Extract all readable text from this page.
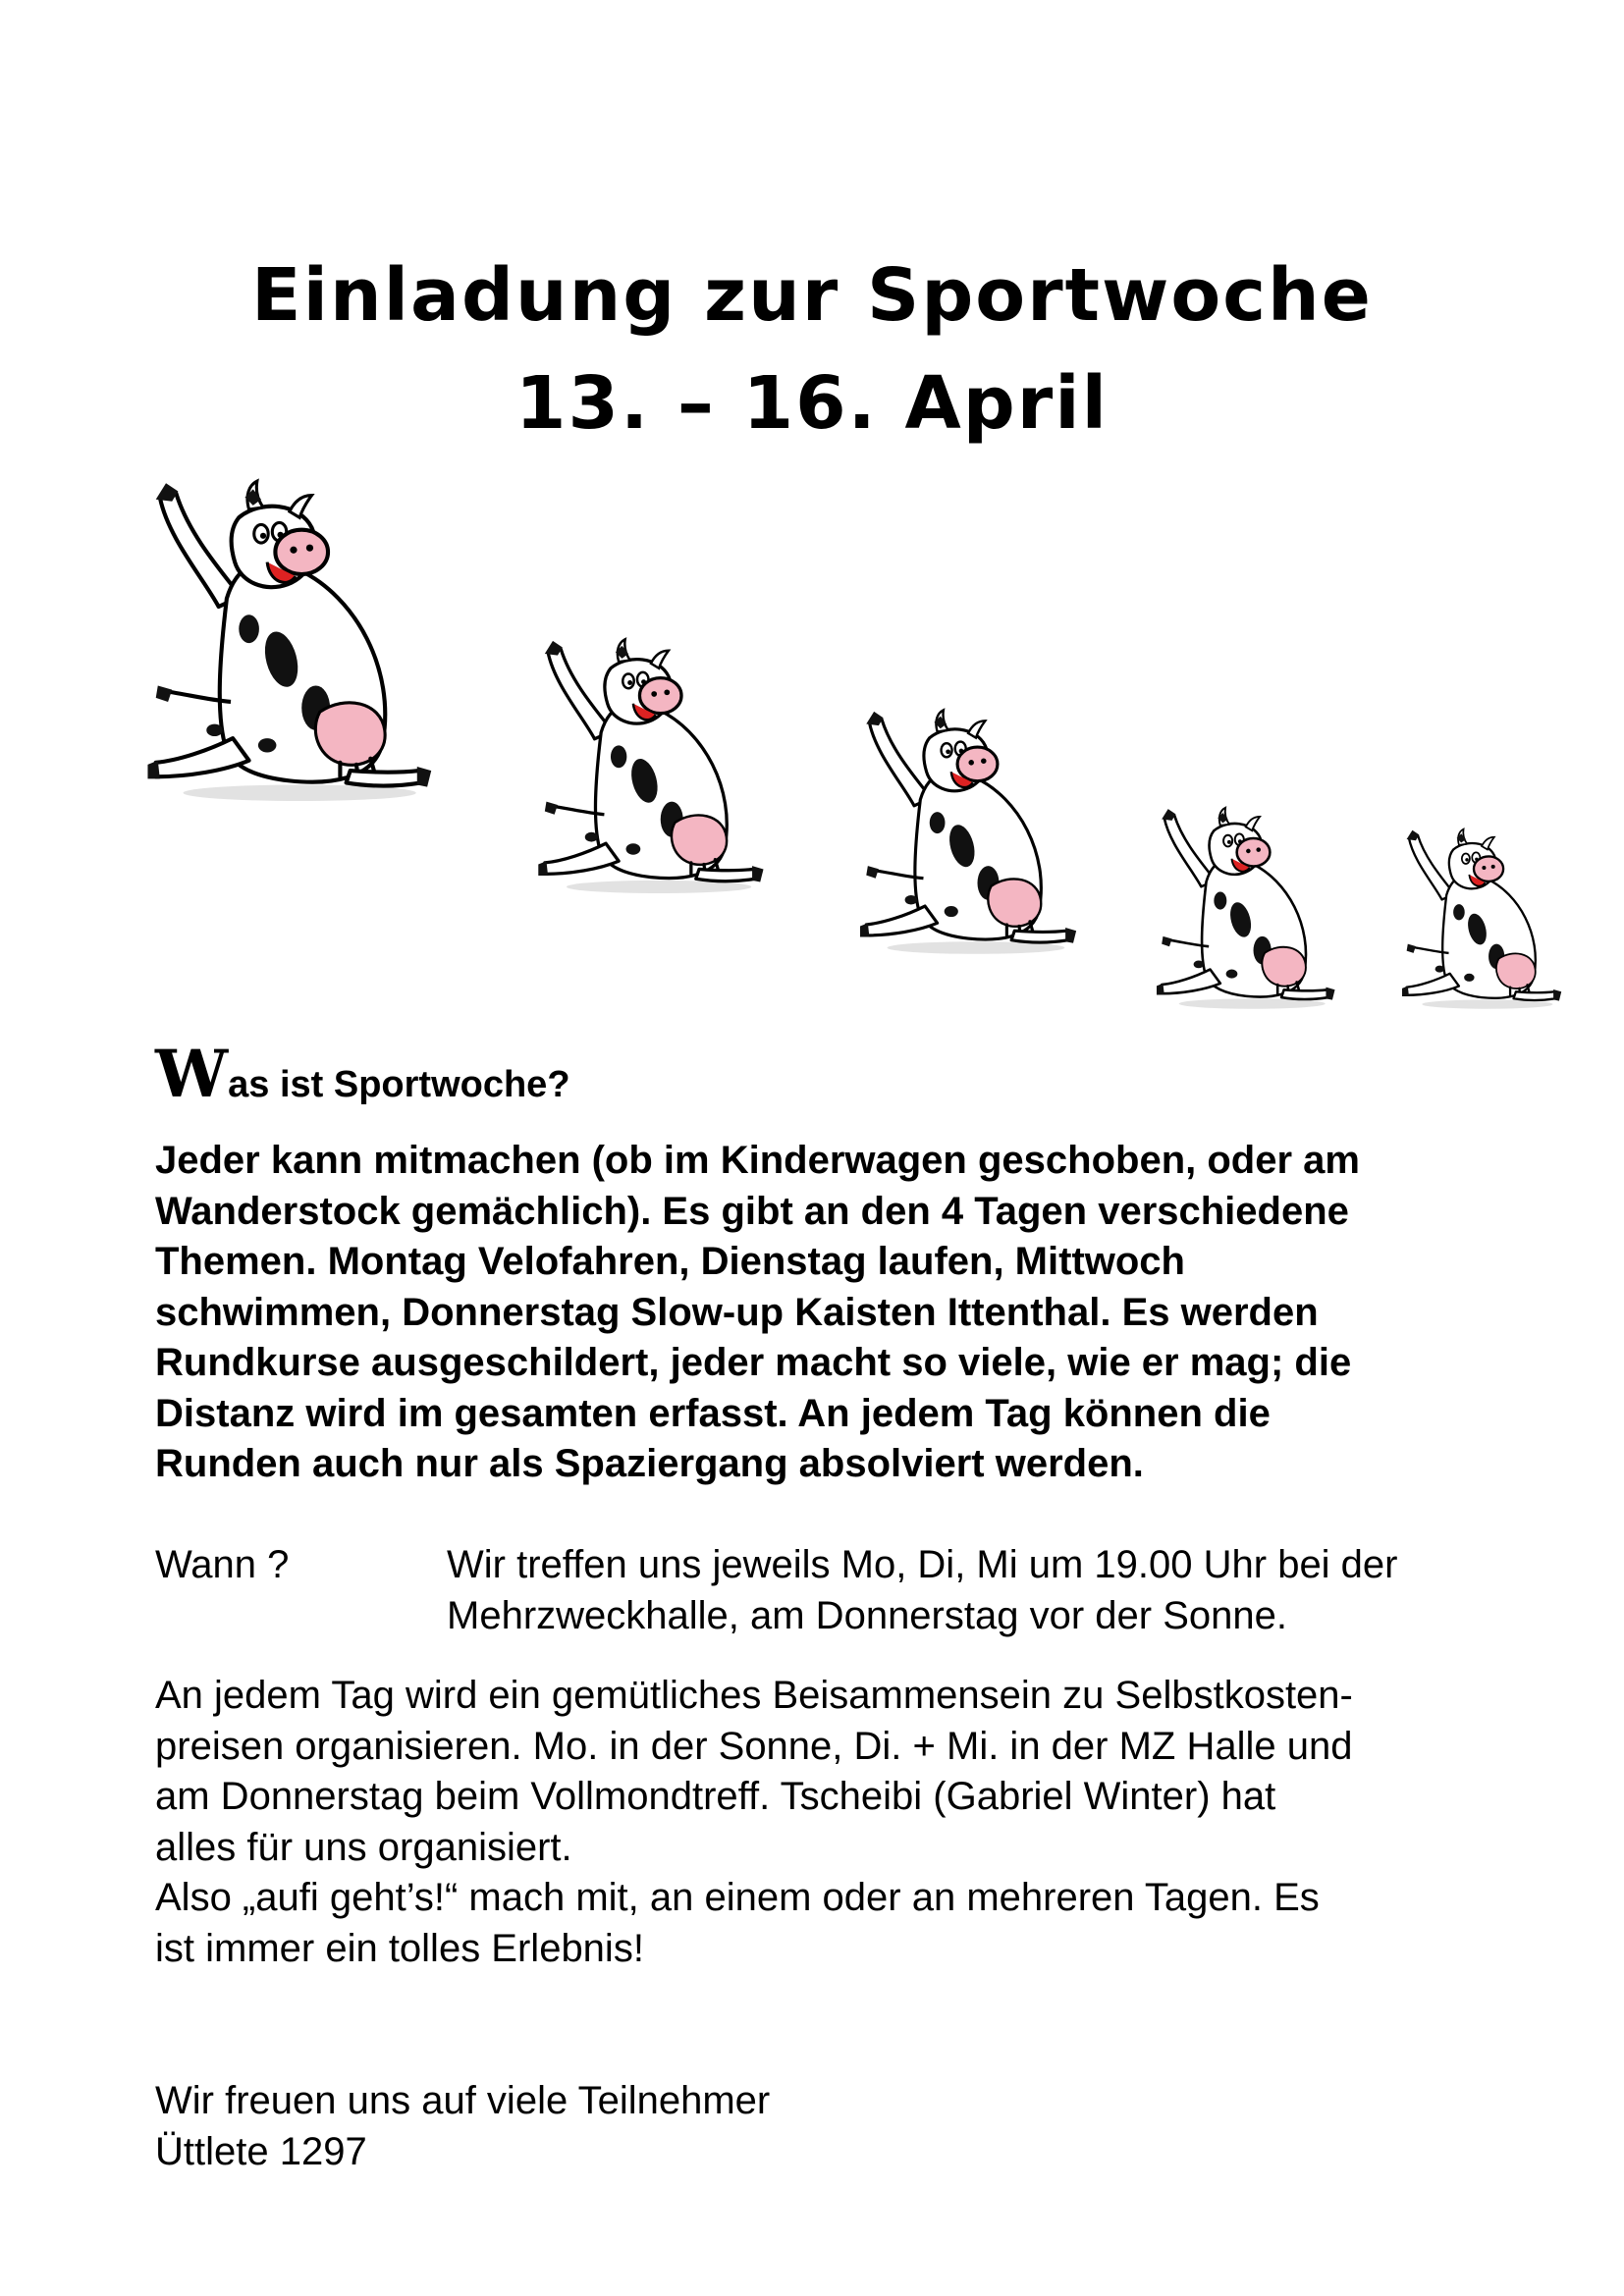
Einladung zur Sportwoche
13. – 16. April
Was ist Sportwoche?
Jeder kann mitmachen (ob im Kinderwagen geschoben, oder am
Wanderstock gemächlich). Es gibt an den 4 Tagen verschiedene
Themen. Montag Velofahren, Dienstag laufen, Mittwoch
schwimmen, Donnerstag Slow-up Kaisten Ittenthal. Es werden
Rundkurse ausgeschildert, jeder macht so viele, wie er mag; die
Distanz wird im gesamten erfasst. An jedem Tag können die
Runden auch nur als Spaziergang absolviert werden.
Wann ?	Wir treffen uns jeweils Mo, Di, Mi um 19.00 Uhr bei der
Mehrzweckhalle, am Donnerstag vor der Sonne.
An jedem Tag wird ein gemütliches Beisammensein zu Selbstkosten-
preisen organisieren. Mo. in der Sonne, Di. + Mi. in der MZ Halle und
am Donnerstag beim Vollmondtreff. Tscheibi (Gabriel Winter) hat
alles für uns organisiert.
Also „aufi geht’s!“ mach mit, an einem oder an mehreren Tagen. Es
ist immer ein tolles Erlebnis!
Wir freuen uns auf viele Teilnehmer
Üttlete 1297
